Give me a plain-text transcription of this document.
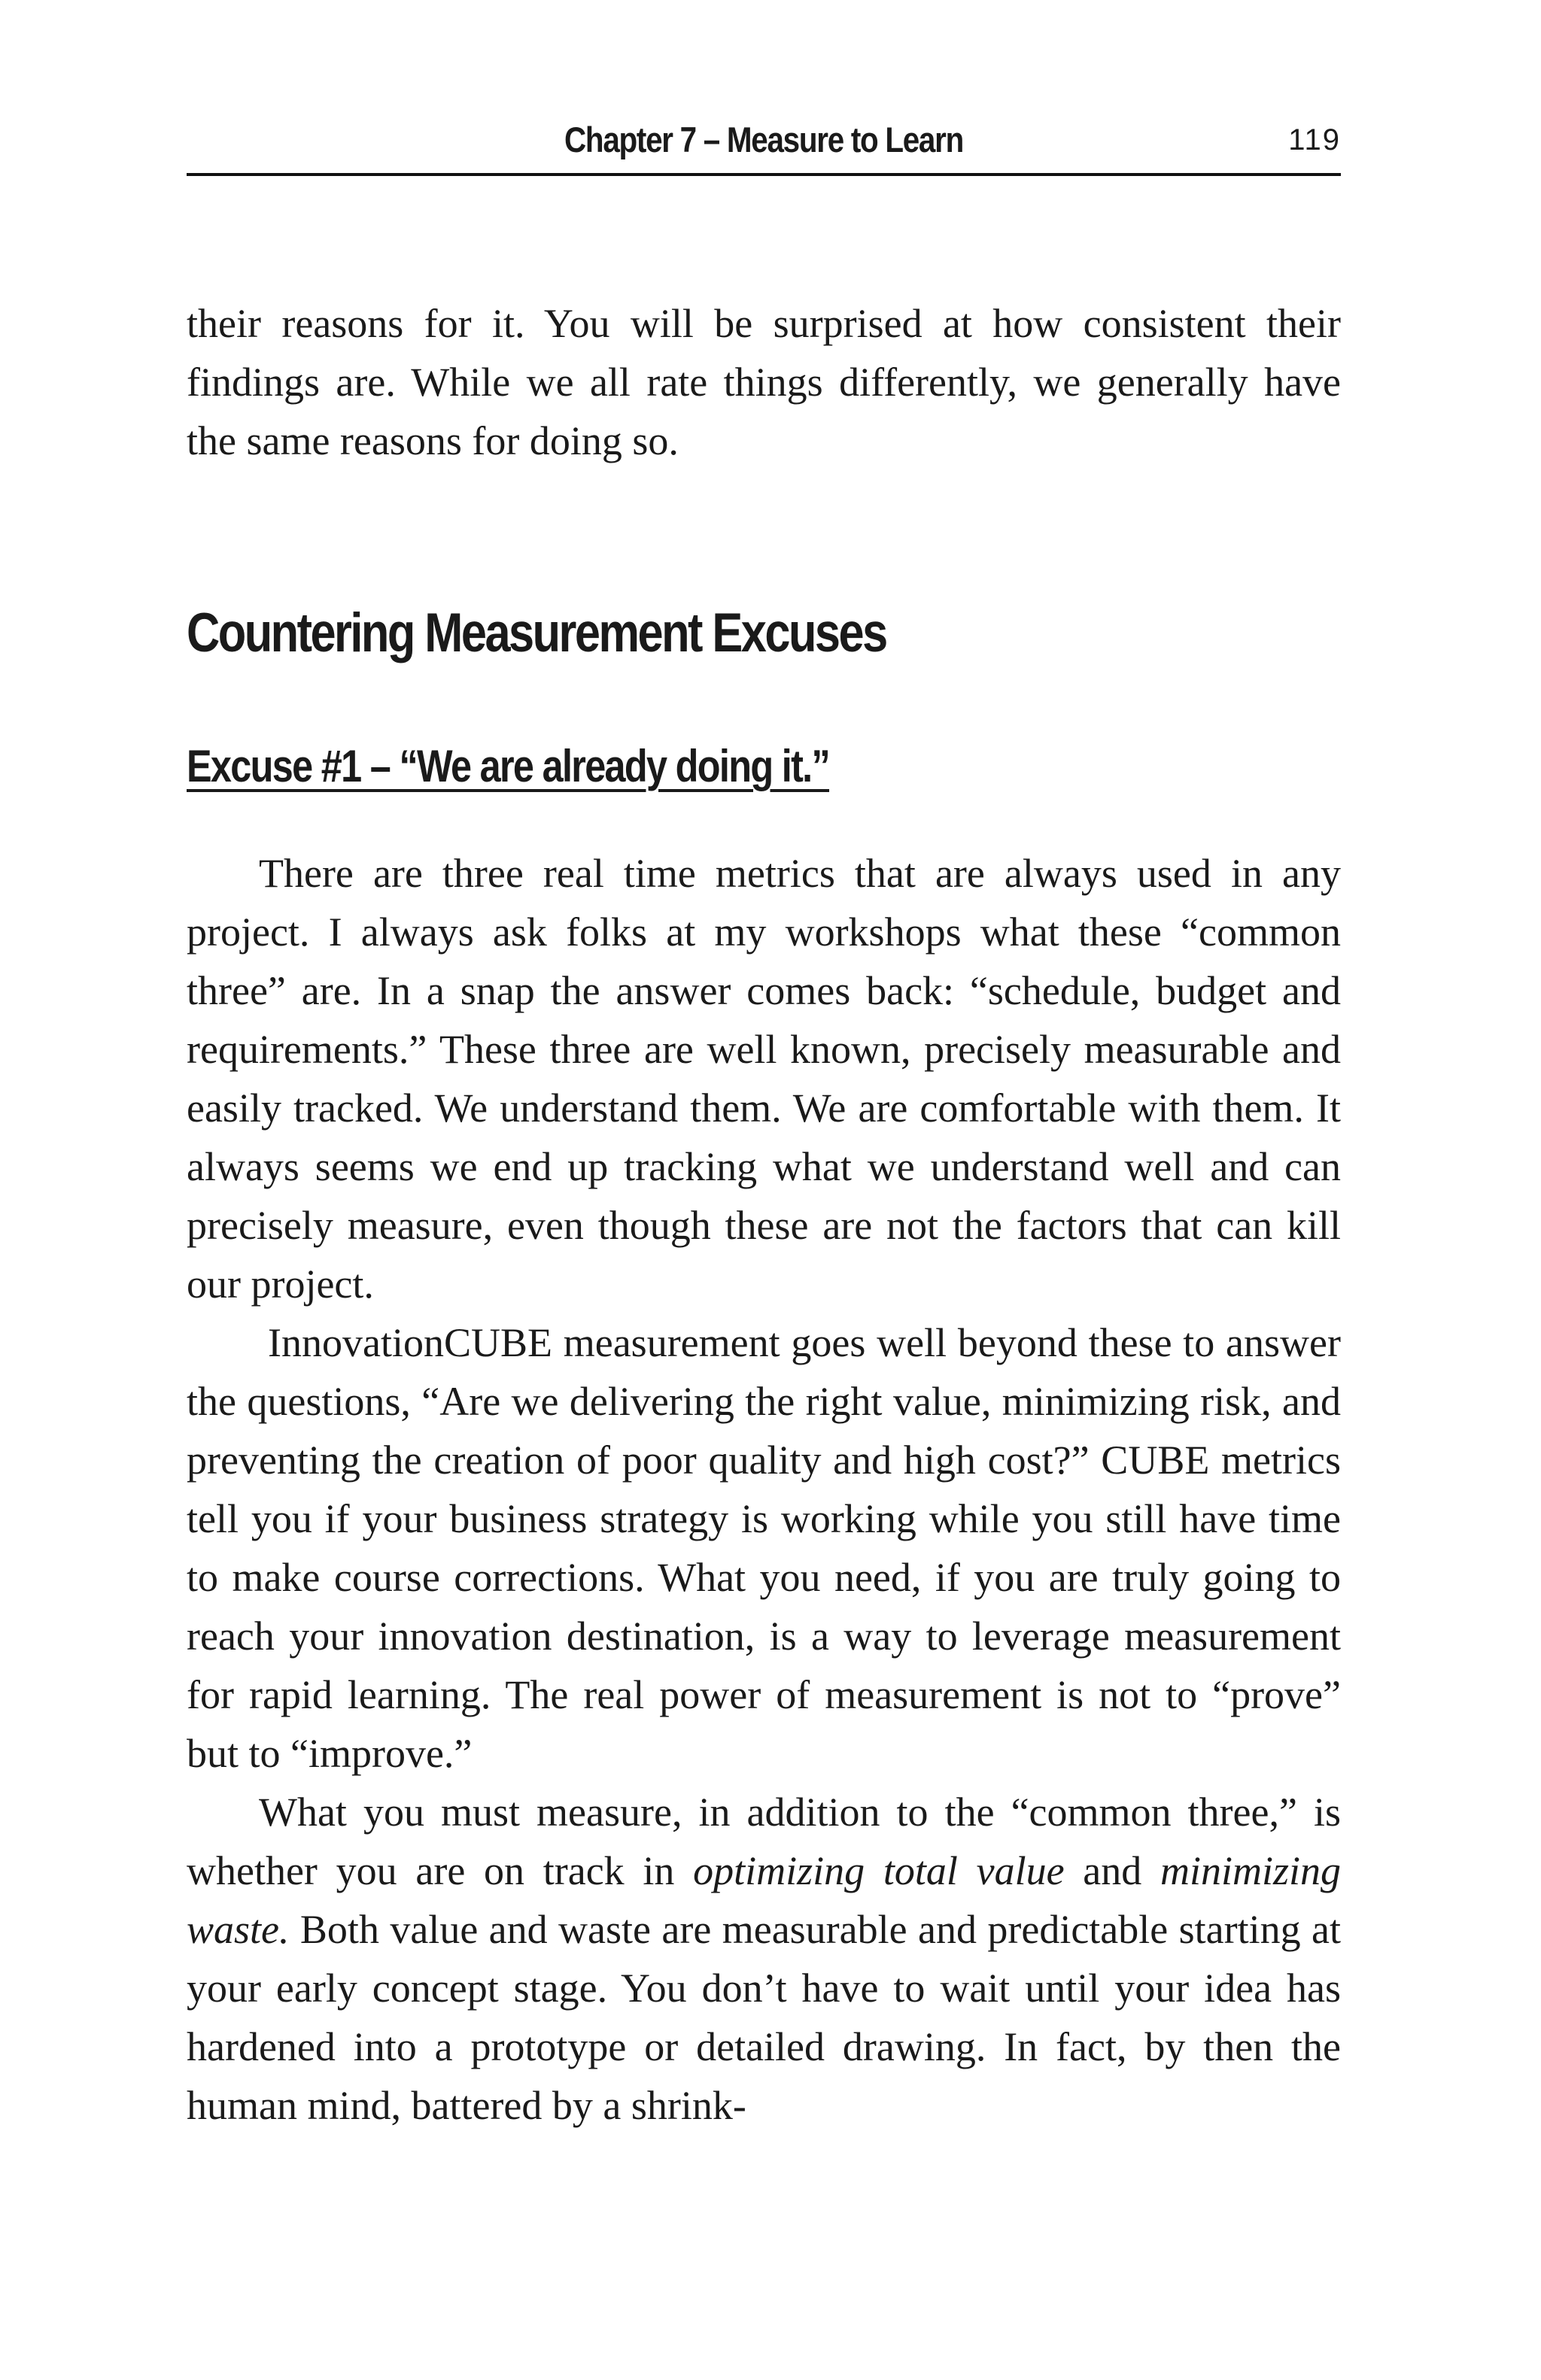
Chapter 7 – Measure to Learn	119

their reasons for it. You will be surprised at how consistent their findings are. While we all rate things differently, we generally have the same reasons for doing so.

Countering Measurement Excuses
Excuse #1 – “We are already doing it.”

There are three real time metrics that are always used in any project. I always ask folks at my workshops what these “common three” are. In a snap the answer comes back: “schedule, budget and requirements.” These three are well known, precisely measurable and easily tracked. We understand them. We are comfortable with them. It always seems we end up tracking what we understand well and can precisely measure, even though these are not the factors that can kill our project.

InnovationCUBE measurement goes well beyond these to answer the questions, “Are we delivering the right value, minimizing risk, and preventing the creation of poor quality and high cost?” CUBE metrics tell you if your business strategy is working while you still have time to make course corrections. What you need, if you are truly going to reach your innovation destination, is a way to leverage measurement for rapid learning. The real power of measurement is not to “prove” but to “improve.”

What you must measure, in addition to the “common three,” is whether you are on track in optimizing total value and minimizing waste. Both value and waste are measurable and predictable starting at your early concept stage. You don’t have to wait until your idea has hardened into a prototype or detailed drawing. In fact, by then the human mind, battered by a shrink-
